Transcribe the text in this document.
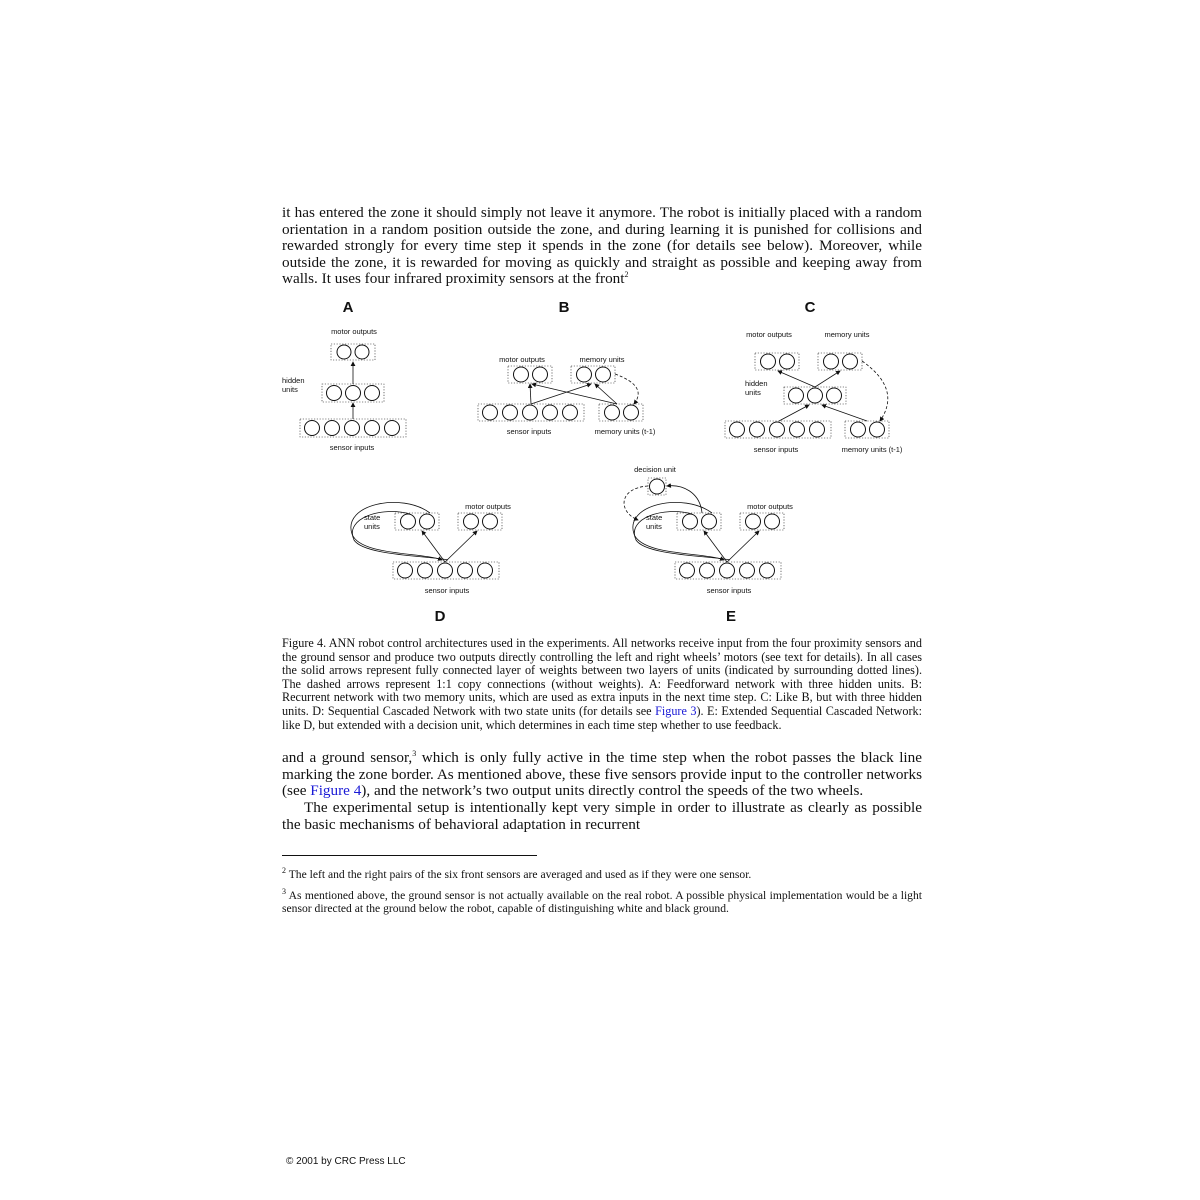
it has entered the zone it should simply not leave it anymore. The robot is initially placed with a random orientation in a random position outside the zone, and during learning it is punished for collisions and rewarded strongly for every time step it spends in the zone (for details see below). Moreover, while outside the zone, it is rewarded for moving as quickly and straight as possible and keeping away from walls. It uses four infrared proximity sensors at the front$^2$

A	B	C
D	E
motor outputs
hidden
units
sensor inputs
motor outputs	memory units
sensor inputs	memory units (t-1)
motor outputs	memory units
hidden
units
sensor inputs	memory units (t-1)
motor outputs
state
units
sensor inputs
decision unit
motor outputs
state
units
sensor inputs

Figure 4. ANN robot control architectures used in the experiments. All networks receive input from the four proximity sensors and the ground sensor and produce two outputs directly controlling the left and right wheels’ motors (see text for details). In all cases the solid arrows represent fully connected layer of weights between two layers of units (indicated by surrounding dotted lines). The dashed arrows represent 1:1 copy connections (without weights). A: Feedforward network with three hidden units. B: Recurrent network with two memory units, which are used as extra inputs in the next time step. C: Like B, but with three hidden units. D: Sequential Cascaded Network with two state units (for details see Figure 3). E: Extended Sequential Cascaded Network: like D, but extended with a decision unit, which determines in each time step whether to use feedback.

and a ground sensor,$^3$ which is only fully active in the time step when the robot passes the black line marking the zone border. As mentioned above, these five sensors provide input to the controller networks (see Figure 4), and the network’s two output units directly control the speeds of the two wheels.

The experimental setup is intentionally kept very simple in order to illustrate as clearly as possible the basic mechanisms of behavioral adaptation in recurrent

$^2$ The left and the right pairs of the six front sensors are averaged and used as if they were one sensor.

$^3$ As mentioned above, the ground sensor is not actually available on the real robot. A possible physical implementation would be a light sensor directed at the ground below the robot, capable of distinguishing white and black ground.

© 2001 by CRC Press LLC
